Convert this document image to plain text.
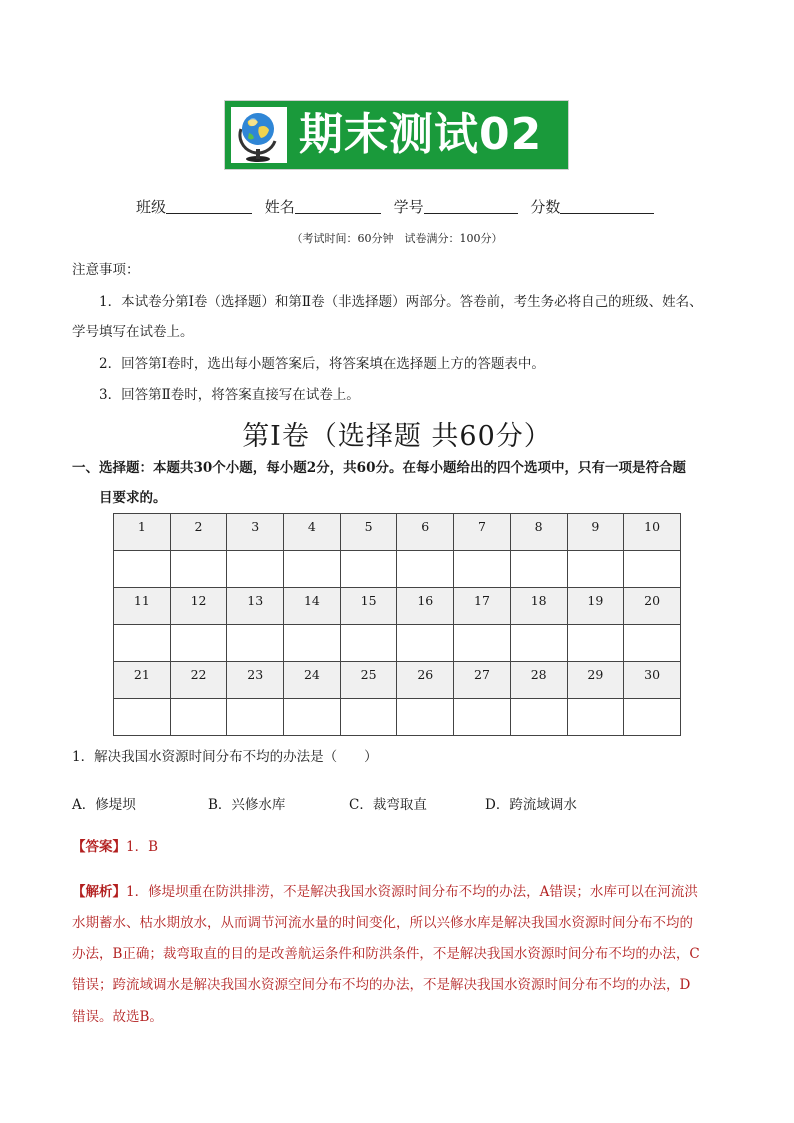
期末测试02
班级	姓名	学号	分数
（考试时间：60分钟　试卷满分：100分）
注意事项：
1．本试卷分第Ⅰ卷（选择题）和第Ⅱ卷（非选择题）两部分。答卷前，考生务必将自己的班级、姓名、
学号填写在试卷上。
2．回答第Ⅰ卷时，选出每小题答案后，将答案填在选择题上方的答题表中。
3．回答第Ⅱ卷时，将答案直接写在试卷上。
第Ⅰ卷（选择题 共60分）
一、选择题：本题共30个小题，每小题2分，共60分。在每小题给出的四个选项中，只有一项是符合题
目要求的。
1	2	3	4	5	6	7	8	9	10

11	12	13	14	15	16	17	18	19	20

21	22	23	24	25	26	27	28	29	30

1．解决我国水资源时间分布不均的办法是（　　）
A．修堤坝	B．兴修水库	C．裁弯取直	D．跨流域调水
【答案】1．B
【解析】1．修堤坝重在防洪排涝，不是解决我国水资源时间分布不均的办法，A错误；水库可以在河流洪
水期蓄水、枯水期放水，从而调节河流水量的时间变化，所以兴修水库是解决我国水资源时间分布不均的
办法，B正确；裁弯取直的目的是改善航运条件和防洪条件，不是解决我国水资源时间分布不均的办法，C
错误；跨流域调水是解决我国水资源空间分布不均的办法，不是解决我国水资源时间分布不均的办法，D
错误。故选B。
